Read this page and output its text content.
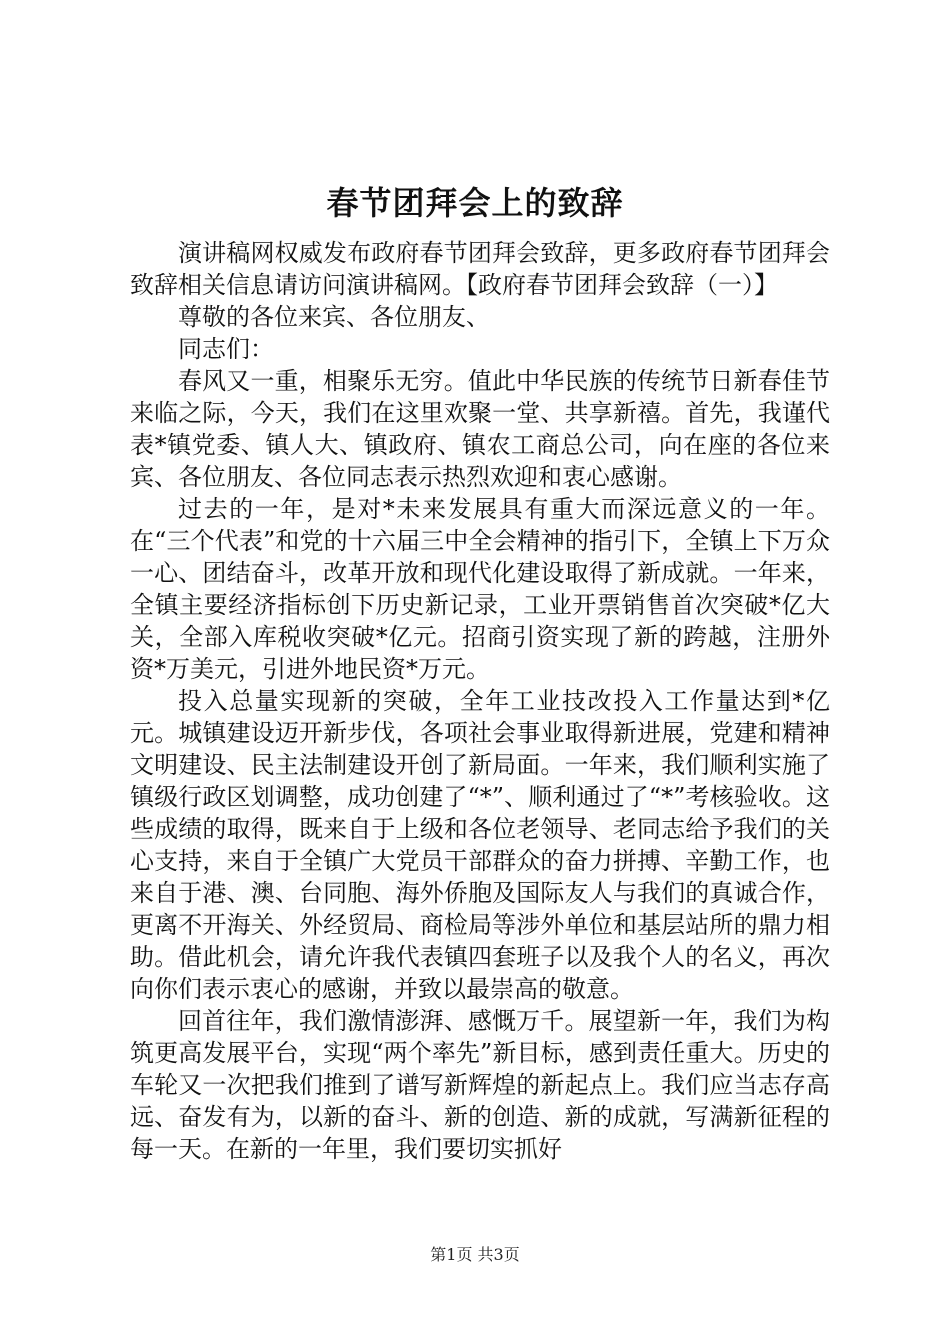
春节团拜会上的致辞

演讲稿网权威发布政府春节团拜会致辞，更多政府春节团拜会致辞相关信息请访问演讲稿网。【政府春节团拜会致辞（一）】

尊敬的各位来宾、各位朋友、

同志们：

春风又一重，相聚乐无穷。值此中华民族的传统节日新春佳节来临之际，今天，我们在这里欢聚一堂、共享新禧。首先，我谨代表*镇党委、镇人大、镇政府、镇农工商总公司，向在座的各位来宾、各位朋友、各位同志表示热烈欢迎和衷心感谢。

过去的一年，是对*未来发展具有重大而深远意义的一年。在“三个代表”和党的十六届三中全会精神的指引下，全镇上下万众一心、团结奋斗，改革开放和现代化建设取得了新成就。一年来，全镇主要经济指标创下历史新记录，工业开票销售首次突破*亿大关，全部入库税收突破*亿元。招商引资实现了新的跨越，注册外资*万美元，引进外地民资*万元。

投入总量实现新的突破，全年工业技改投入工作量达到*亿元。城镇建设迈开新步伐，各项社会事业取得新进展，党建和精神文明建设、民主法制建设开创了新局面。一年来，我们顺利实施了镇级行政区划调整，成功创建了“*”、顺利通过了“*”考核验收。这些成绩的取得，既来自于上级和各位老领导、老同志给予我们的关心支持，来自于全镇广大党员干部群众的奋力拼搏、辛勤工作，也来自于港、澳、台同胞、海外侨胞及国际友人与我们的真诚合作，更离不开海关、外经贸局、商检局等涉外单位和基层站所的鼎力相助。借此机会，请允许我代表镇四套班子以及我个人的名义，再次向你们表示衷心的感谢，并致以最崇高的敬意。

回首往年，我们激情澎湃、感慨万千。展望新一年，我们为构筑更高发展平台，实现“两个率先”新目标，感到责任重大。历史的车轮又一次把我们推到了谱写新辉煌的新起点上。我们应当志存高远、奋发有为，以新的奋斗、新的创造、新的成就，写满新征程的每一天。在新的一年里，我们要切实抓好

第1页 共3页
